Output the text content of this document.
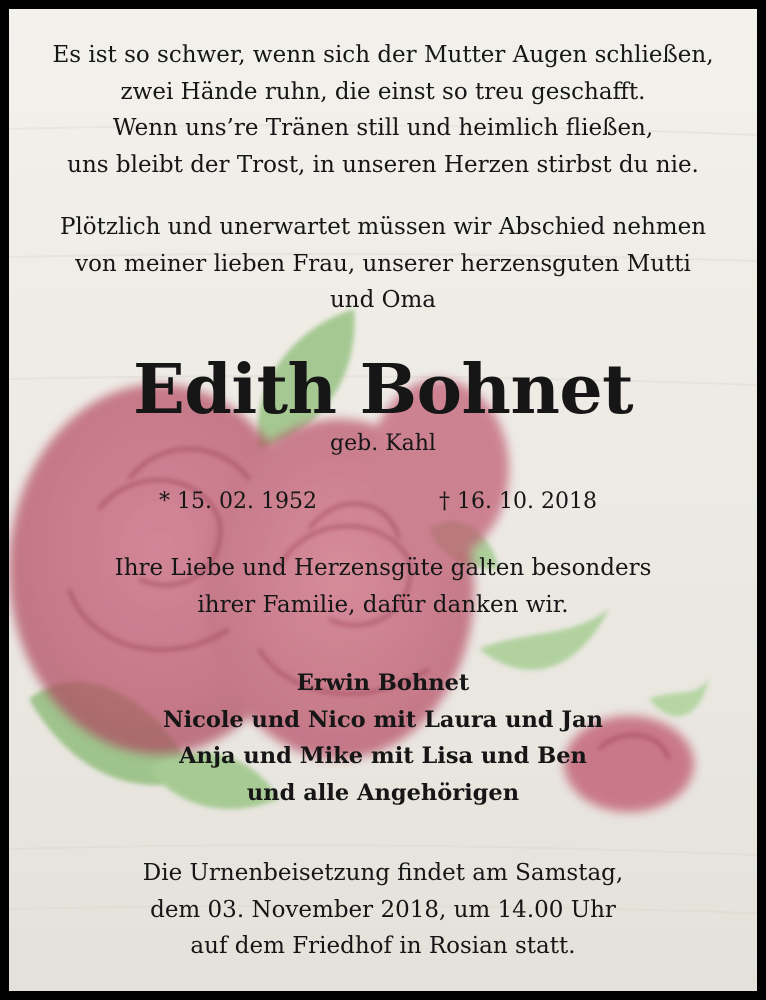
Es ist so schwer, wenn sich der Mutter Augen schließen,
zwei Hände ruhn, die einst so treu geschafft.
Wenn uns’re Tränen still und heimlich fließen,
uns bleibt der Trost, in unseren Herzen stirbst du nie.
Plötzlich und unerwartet müssen wir Abschied nehmen
von meiner lieben Frau, unserer herzensguten Mutti
und Oma
Edith Bohnet
geb. Kahl
* 15. 02. 1952	† 16. 10. 2018
Ihre Liebe und Herzensgüte galten besonders
ihrer Familie, dafür danken wir.
Erwin Bohnet
Nicole und Nico mit Laura und Jan
Anja und Mike mit Lisa und Ben
und alle Angehörigen
Die Urnenbeisetzung findet am Samstag,
dem 03. November 2018, um 14.00 Uhr
auf dem Friedhof in Rosian statt.
